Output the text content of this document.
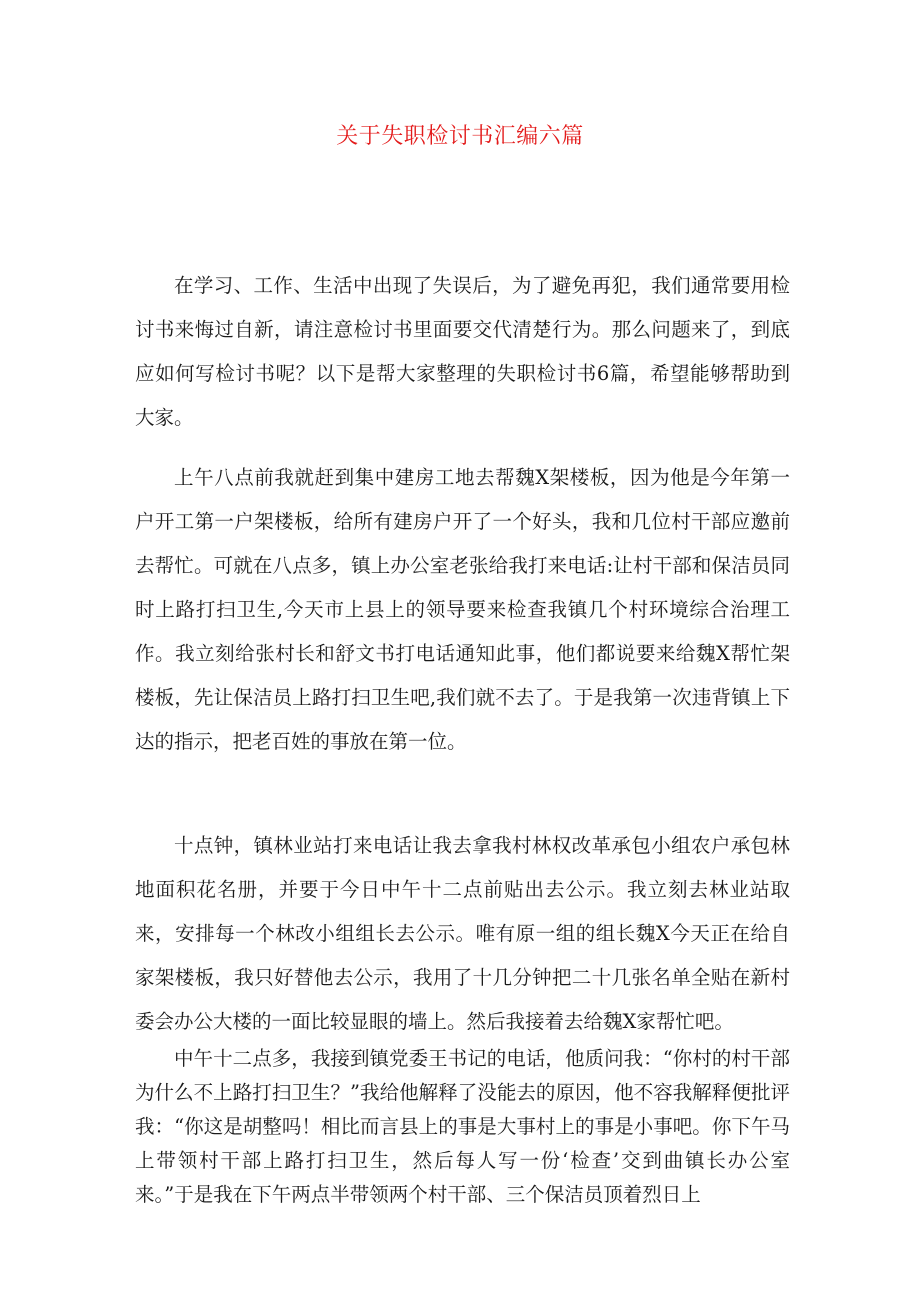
关于失职检讨书汇编六篇

在学习、工作、生活中出现了失误后，为了避免再犯，我们通常要用检讨书来悔过自新，请注意检讨书里面要交代清楚行为。那么问题来了，到底应如何写检讨书呢？以下是帮大家整理的失职检讨书6篇，希望能够帮助到大家。

上午八点前我就赶到集中建房工地去帮魏X架楼板，因为他是今年第一户开工第一户架楼板，给所有建房户开了一个好头，我和几位村干部应邀前去帮忙。可就在八点多，镇上办公室老张给我打来电话:让村干部和保洁员同时上路打扫卫生,今天市上县上的领导要来检查我镇几个村环境综合治理工作。我立刻给张村长和舒文书打电话通知此事，他们都说要来给魏X帮忙架楼板，先让保洁员上路打扫卫生吧,我们就不去了。于是我第一次违背镇上下达的指示，把老百姓的事放在第一位。

十点钟，镇林业站打来电话让我去拿我村林权改革承包小组农户承包林地面积花名册，并要于今日中午十二点前贴出去公示。我立刻去林业站取来，安排每一个林改小组组长去公示。唯有原一组的组长魏X今天正在给自家架楼板，我只好替他去公示，我用了十几分钟把二十几张名单全贴在新村委会办公大楼的一面比较显眼的墙上。然后我接着去给魏X家帮忙吧。

中午十二点多，我接到镇党委王书记的电话，他质问我：“你村的村干部为什么不上路打扫卫生？”我给他解释了没能去的原因，他不容我解释便批评我：“你这是胡整吗！相比而言县上的事是大事村上的事是小事吧。你下午马上带领村干部上路打扫卫生，然后每人写一份‘检查’交到曲镇长办公室来。”于是我在下午两点半带领两个村干部、三个保洁员顶着烈日上
